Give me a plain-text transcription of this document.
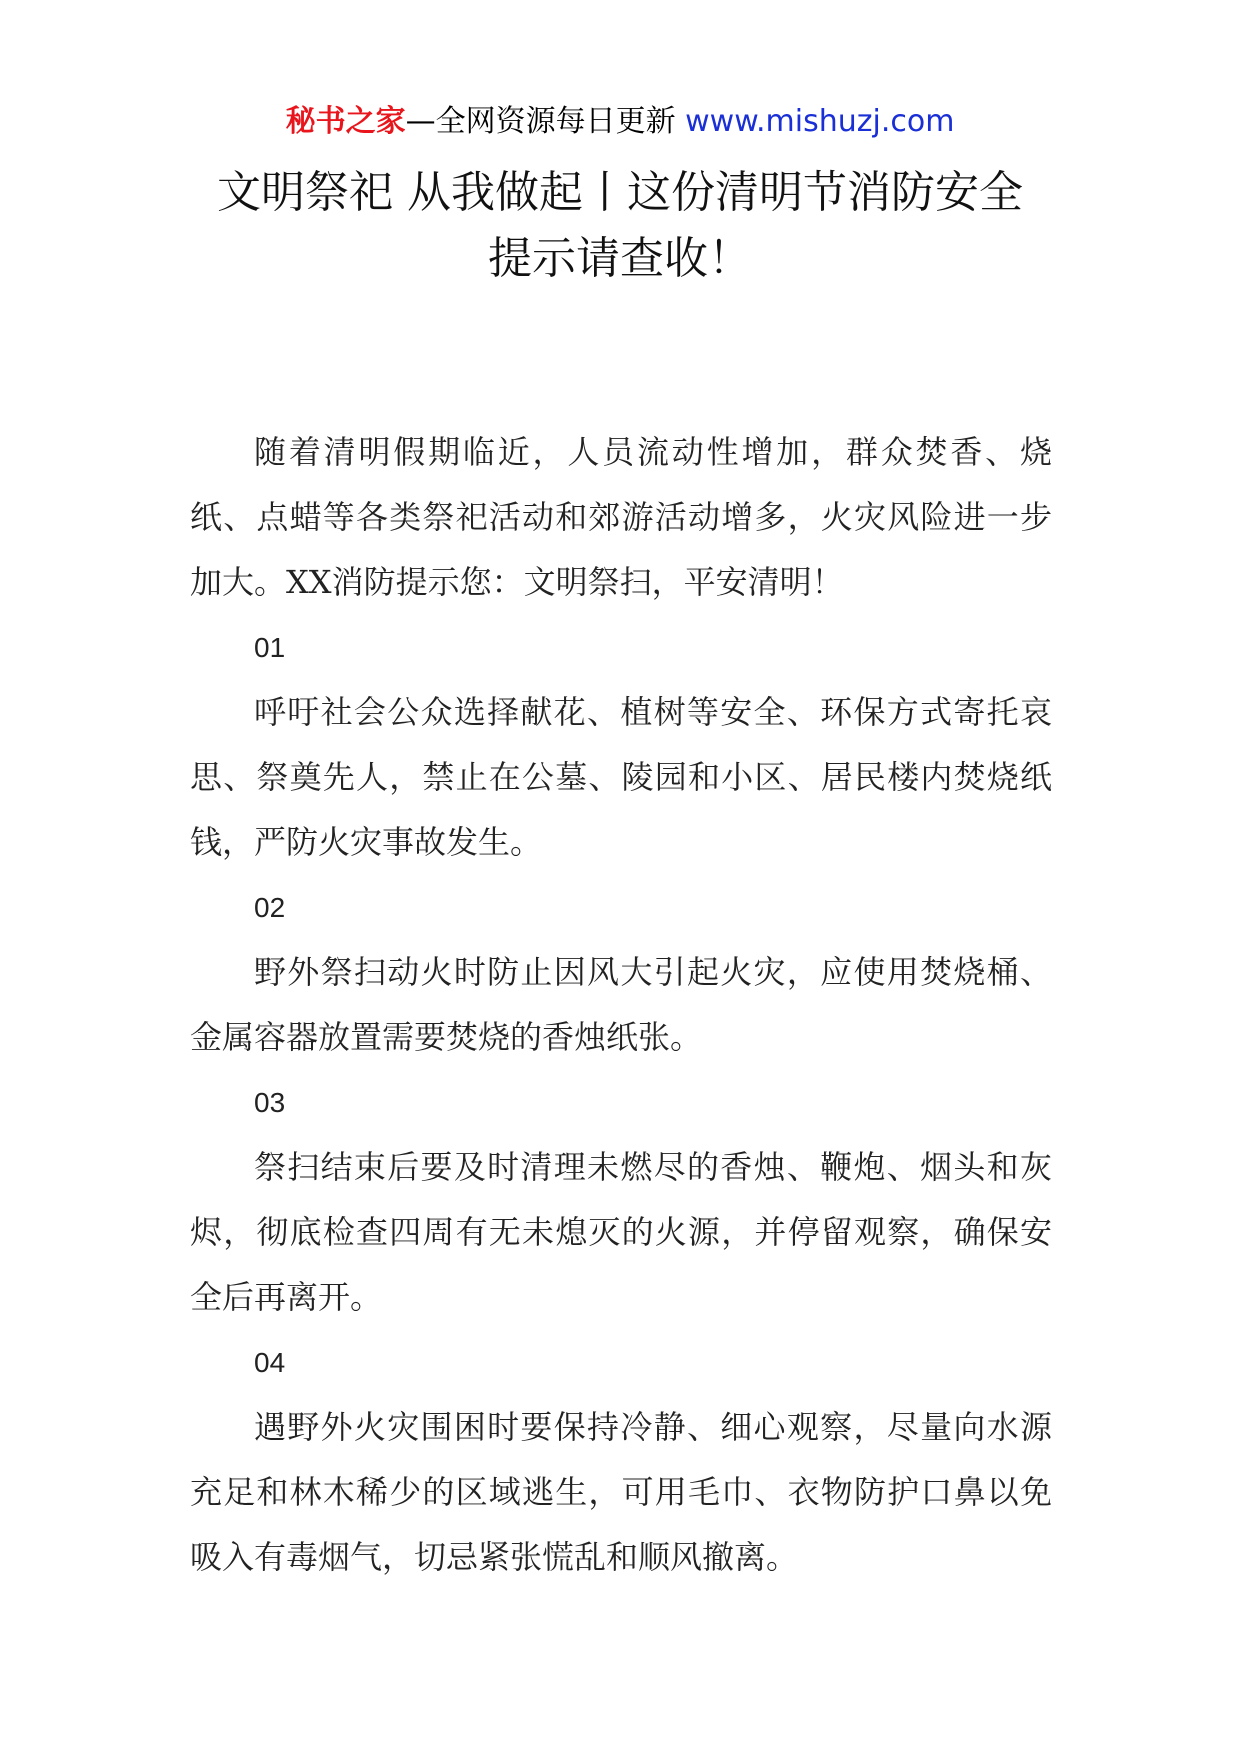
秘书之家—全网资源每日更新 www.mishuzj.com
文明祭祀 从我做起丨这份清明节消防安全
提示请查收！

随着清明假期临近，人员流动性增加，群众焚香、烧纸、点蜡等各类祭祀活动和郊游活动增多，火灾风险进一步加大。XX消防提示您：文明祭扫，平安清明！

01

呼吁社会公众选择献花、植树等安全、环保方式寄托哀思、祭奠先人，禁止在公墓、陵园和小区、居民楼内焚烧纸钱，严防火灾事故发生。

02

野外祭扫动火时防止因风大引起火灾，应使用焚烧桶、金属容器放置需要焚烧的香烛纸张。

03

祭扫结束后要及时清理未燃尽的香烛、鞭炮、烟头和灰烬，彻底检查四周有无未熄灭的火源，并停留观察，确保安全后再离开。

04

遇野外火灾围困时要保持冷静、细心观察，尽量向水源充足和林木稀少的区域逃生，可用毛巾、衣物防护口鼻以免吸入有毒烟气，切忌紧张慌乱和顺风撤离。
